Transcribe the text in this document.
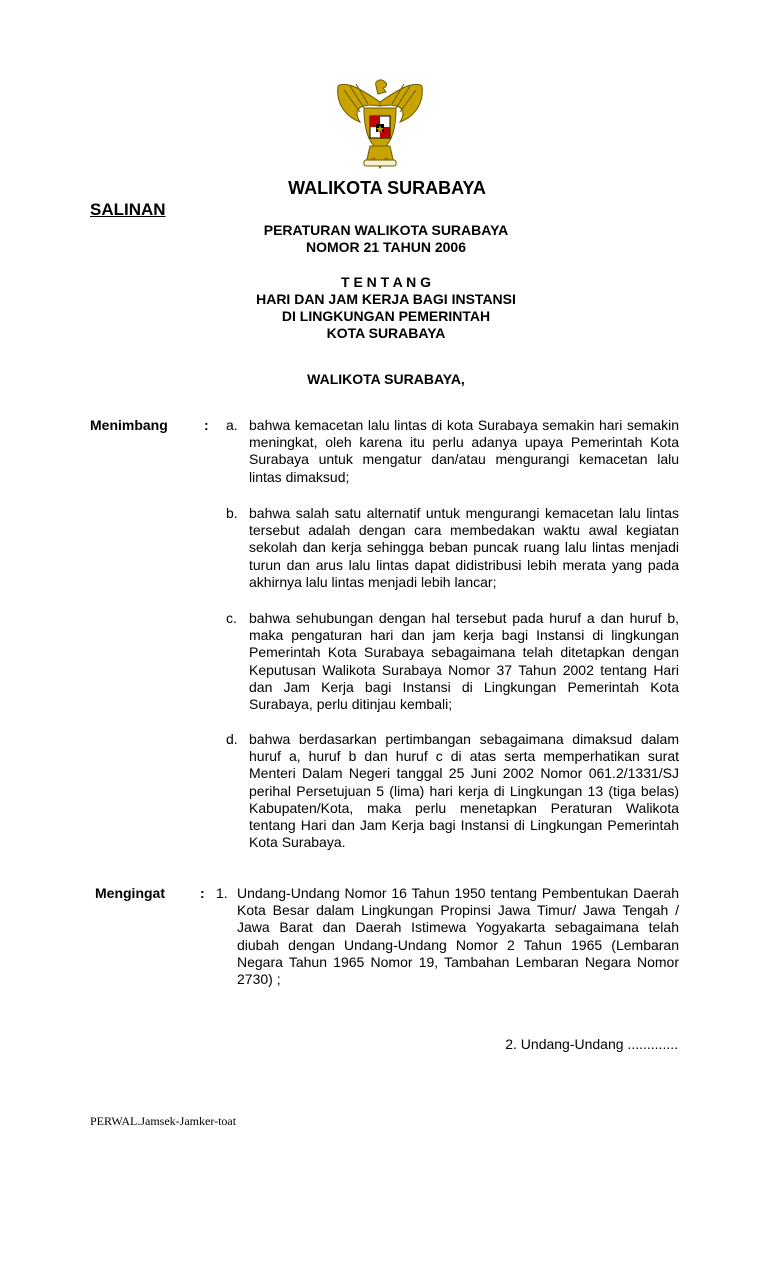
WALIKOTA SURABAYA
SALINAN
PERATURAN WALIKOTA SURABAYA
NOMOR 21 TAHUN 2006
T E N T A N G
HARI DAN JAM KERJA BAGI INSTANSI
DI LINGKUNGAN PEMERINTAH
KOTA SURABAYA
WALIKOTA SURABAYA,
Menimbang	: a. bahwa kemacetan lalu lintas di kota Surabaya semakin hari semakin meningkat, oleh karena itu perlu adanya upaya Pemerintah Kota Surabaya untuk mengatur dan/atau mengurangi kemacetan lalu lintas dimaksud;
b. bahwa salah satu alternatif untuk mengurangi kemacetan lalu lintas tersebut adalah dengan cara membedakan waktu awal kegiatan sekolah dan kerja sehingga beban puncak ruang lalu lintas menjadi turun dan arus lalu lintas dapat didistribusi lebih merata yang pada akhirnya lalu lintas menjadi lebih lancar;
c. bahwa sehubungan dengan hal tersebut pada huruf a dan huruf b, maka pengaturan hari dan jam kerja bagi Instansi di lingkungan Pemerintah Kota Surabaya sebagaimana telah ditetapkan dengan Keputusan Walikota Surabaya Nomor 37 Tahun 2002 tentang Hari dan Jam Kerja bagi Instansi di Lingkungan Pemerintah Kota Surabaya, perlu ditinjau kembali;
d. bahwa berdasarkan pertimbangan sebagaimana dimaksud dalam huruf a, huruf b dan huruf c di atas serta memperhatikan surat Menteri Dalam Negeri tanggal 25 Juni 2002 Nomor 061.2/1331/SJ perihal Persetujuan 5 (lima) hari kerja di Lingkungan 13 (tiga belas) Kabupaten/Kota, maka perlu menetapkan Peraturan Walikota tentang Hari dan Jam Kerja bagi Instansi di Lingkungan Pemerintah Kota Surabaya.
Mengingat	: 1. Undang-Undang Nomor 16 Tahun 1950 tentang Pembentukan Daerah Kota Besar dalam Lingkungan Propinsi Jawa Timur/ Jawa Tengah / Jawa Barat dan Daerah Istimewa Yogyakarta sebagaimana telah diubah dengan Undang-Undang Nomor 2 Tahun 1965 (Lembaran Negara Tahun 1965 Nomor 19, Tambahan Lembaran Negara Nomor 2730) ;
2. Undang-Undang .............
PERWAL.Jamsek-Jamker-toat
